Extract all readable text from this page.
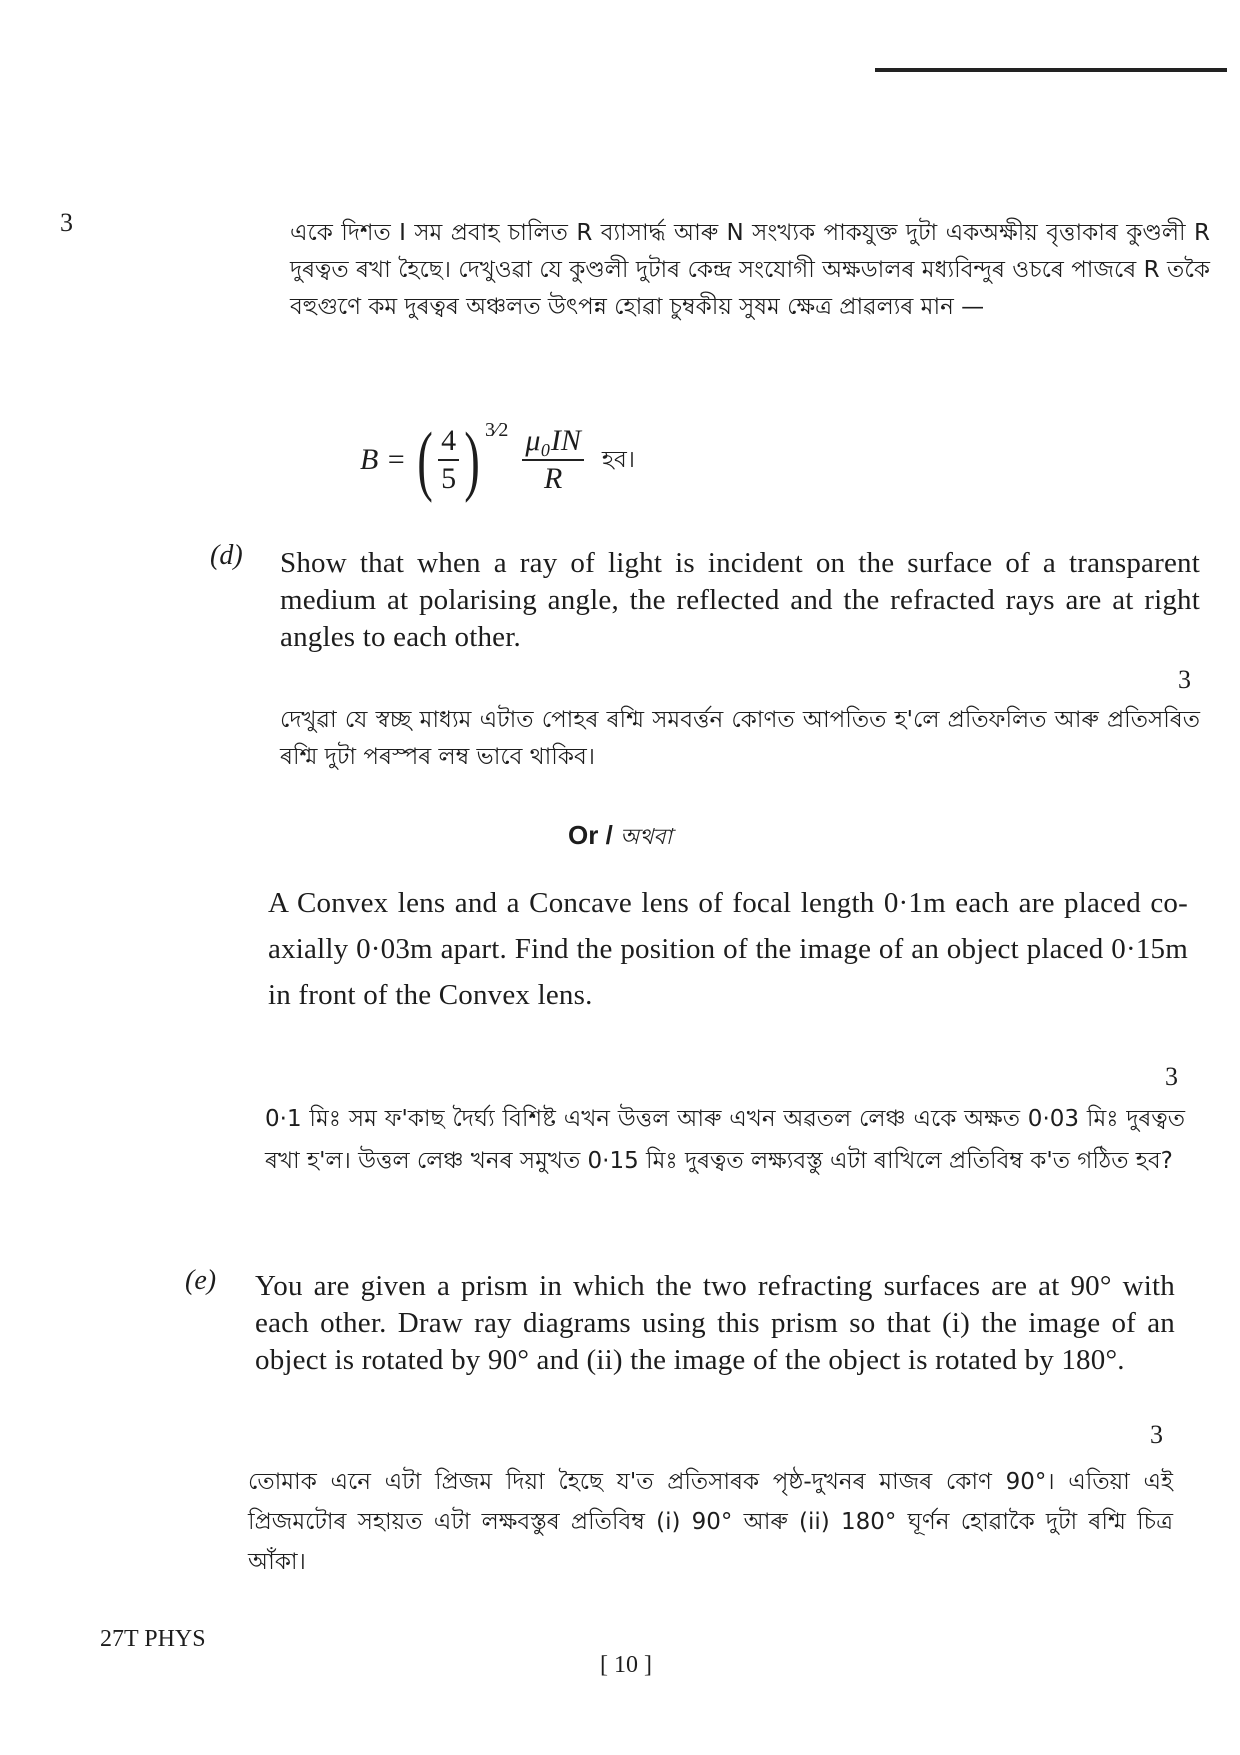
3	একে দিশত I সম প্ৰবাহ চালিত R ব্যাসাৰ্দ্ধ আৰু N সংখ্যক পাকযুক্ত দুটা একঅক্ষীয় বৃত্তাকাৰ কুণ্ডলী R দুৰত্বত ৰখা হৈছে। দেখুওৱা যে কুণ্ডলী দুটাৰ কেন্দ্ৰ সংযোগী অক্ষডালৰ মধ্যবিন্দুৰ ওচৰে পাজৰে R তকৈ বহুগুণে কম দুৰত্বৰ অঞ্চলত উৎপন্ন হোৱা চুম্বকীয় সুষম ক্ষেত্ৰ প্ৰাৱল্যৰ মান —
B = ( $\frac{4}{5}$ ) 3⁄2 $\frac{\text{μ₀IN}}{R}$ হব।
(d) Show that when a ray of light is incident on the surface of a transparent medium at polarising angle, the reflected and the refracted rays are at right angles to each other.
3
দেখুৱা যে স্বচ্ছ মাধ্যম এটাত পোহৰ ৰশ্মি সমবৰ্ত্তন কোণত আপতিত হ'লে প্ৰতিফলিত আৰু প্ৰতিসৰিত ৰশ্মি দুটা পৰস্পৰ লম্ব ভাবে থাকিব।
Or / অথবা
A Convex lens and a Concave lens of focal length 0·1m each are placed co-axially 0·03m apart. Find the position of the image of an object placed 0·15m in front of the Convex lens.
3
0·1 মিঃ সম ফ'কাছ দৈৰ্ঘ্য বিশিষ্ট এখন উত্তল আৰু এখন অৱতল লেঞ্চ একে অক্ষত 0·03 মিঃ দুৰত্বত ৰখা হ'ল। উত্তল লেঞ্চ খনৰ সমুখত 0·15 মিঃ দুৰত্বত লক্ষ্যবস্তু এটা ৰাখিলে প্ৰতিবিম্ব ক'ত গঠিত হব?
(e) You are given a prism in which the two refracting surfaces are at 90° with each other. Draw ray diagrams using this prism so that (i) the image of an object is rotated by 90° and (ii) the image of the object is rotated by 180°.
3
তোমাক এনে এটা প্ৰিজম দিয়া হৈছে য'ত প্ৰতিসাৰক পৃষ্ঠ-দুখনৰ মাজৰ কোণ 90°। এতিয়া এই প্ৰিজমটোৰ সহায়ত এটা লক্ষবস্তুৰ প্ৰতিবিম্ব (i) 90° আৰু (ii) 180° ঘূৰ্ণন হোৱাকৈ দুটা ৰশ্মি চিত্ৰ আঁকা।
27T PHYS
[ 10 ]
